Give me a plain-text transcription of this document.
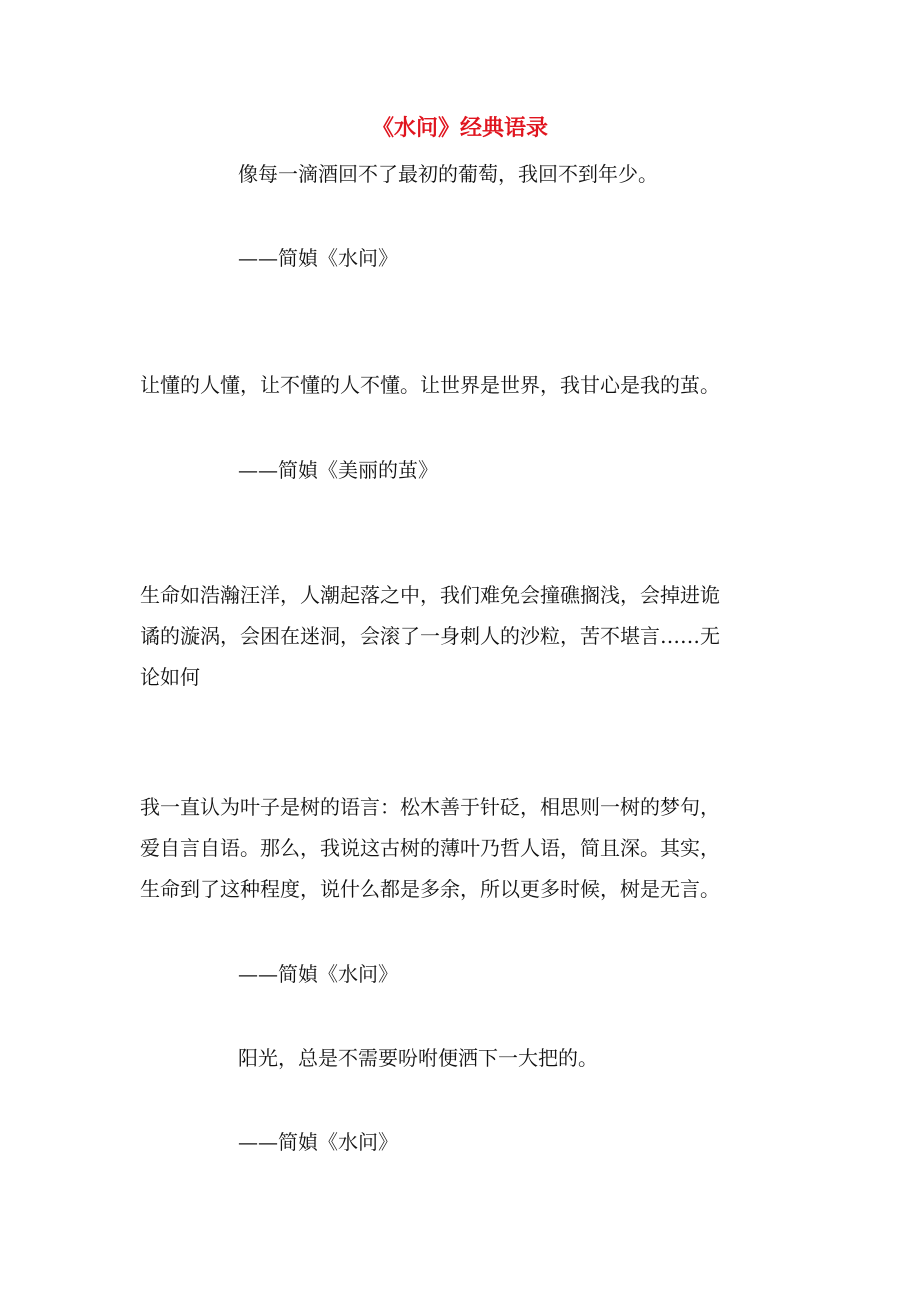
《水问》经典语录
像每一滴酒回不了最初的葡萄，我回不到年少。
——简媜《水问》
让懂的人懂，让不懂的人不懂。让世界是世界，我甘心是我的茧。
——简媜《美丽的茧》
生命如浩瀚汪洋，人潮起落之中，我们难免会撞礁搁浅，会掉进诡
谲的漩涡，会困在迷洞，会滚了一身刺人的沙粒，苦不堪言……无
论如何
我一直认为叶子是树的语言：松木善于针砭，相思则一树的梦句，
爱自言自语。那么，我说这古树的薄叶乃哲人语，简且深。其实，
生命到了这种程度，说什么都是多余，所以更多时候，树是无言。
——简媜《水问》
阳光，总是不需要吩咐便洒下一大把的。
——简媜《水问》
